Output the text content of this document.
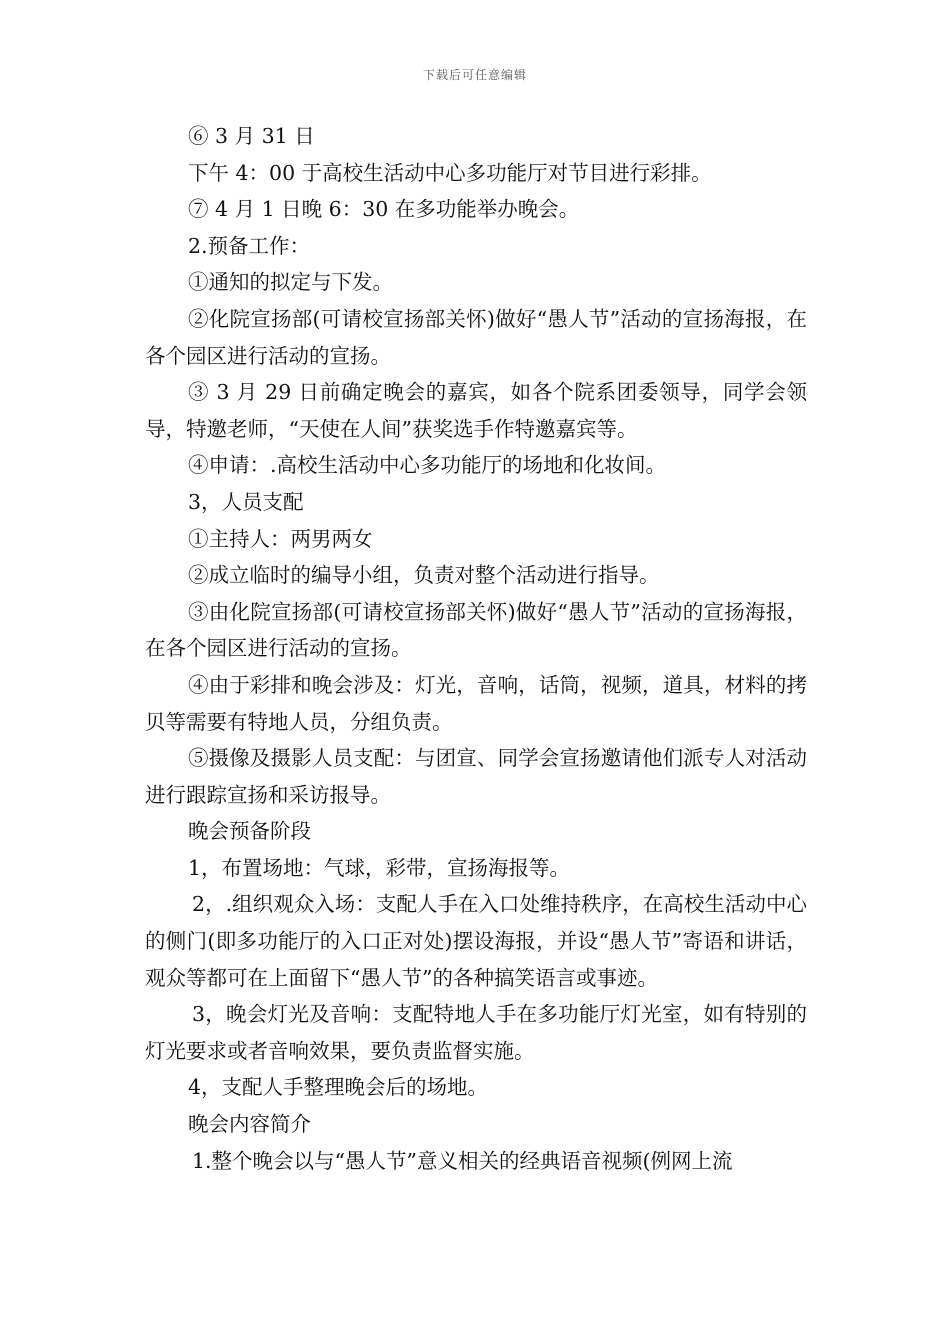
下载后可任意编辑

⑥ 3 月 31 日

下午 4：00 于高校生活动中心多功能厅对节目进行彩排。

⑦ 4 月 1 日晚 6：30 在多功能举办晚会。

2.预备工作：

①通知的拟定与下发。

②化院宣扬部(可请校宣扬部关怀)做好“愚人节”活动的宣扬海报，在各个园区进行活动的宣扬。

③ 3 月 29 日前确定晚会的嘉宾，如各个院系团委领导，同学会领导，特邀老师，“天使在人间”获奖选手作特邀嘉宾等。

④申请：.高校生活动中心多功能厅的场地和化妆间。

3，人员支配

①主持人：两男两女

②成立临时的编导小组，负责对整个活动进行指导。

③由化院宣扬部(可请校宣扬部关怀)做好“愚人节”活动的宣扬海报，在各个园区进行活动的宣扬。

④由于彩排和晚会涉及：灯光，音响，话筒，视频，道具，材料的拷贝等需要有特地人员，分组负责。

⑤摄像及摄影人员支配：与团宣、同学会宣扬邀请他们派专人对活动进行跟踪宣扬和采访报导。

晚会预备阶段

1，布置场地：气球，彩带，宣扬海报等。

2，.组织观众入场：支配人手在入口处维持秩序，在高校生活动中心的侧门(即多功能厅的入口正对处)摆设海报，并设“愚人节”寄语和讲话，观众等都可在上面留下“愚人节”的各种搞笑语言或事迹。

3，晚会灯光及音响：支配特地人手在多功能厅灯光室，如有特别的灯光要求或者音响效果，要负责监督实施。

4，支配人手整理晚会后的场地。

晚会内容简介

1.整个晚会以与“愚人节”意义相关的经典语音视频(例网上流
